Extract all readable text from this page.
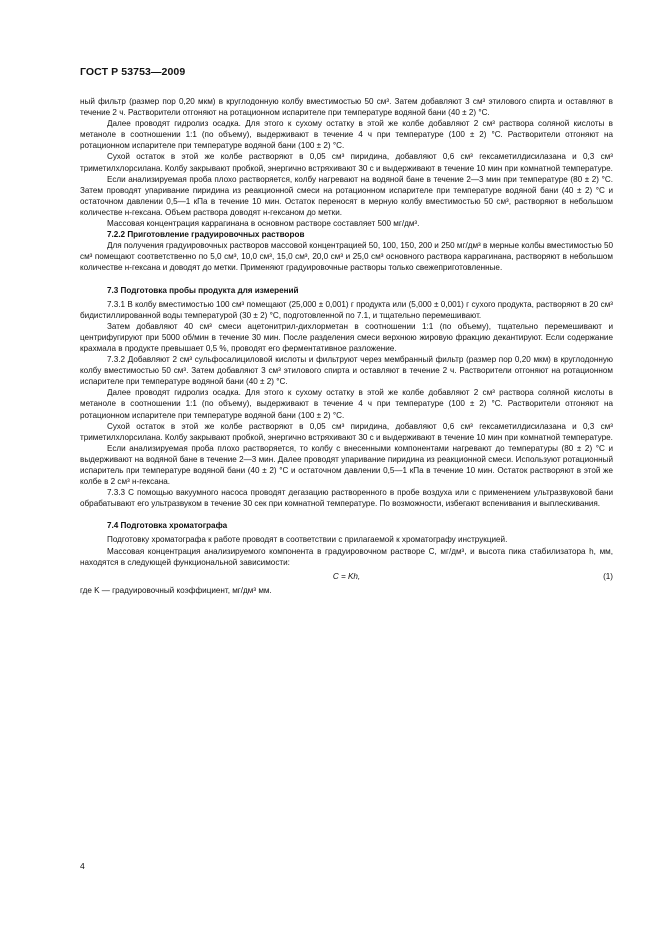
ГОСТ Р 53753—2009

ный фильтр (размер пор 0,20 мкм) в круглодонную колбу вместимостью 50 см³. Затем добавляют 3 см³ этилового спирта и оставляют в течение 2 ч. Растворители отгоняют на ротационном испарителе при температуре водяной бани (40 ± 2) °С.

Далее проводят гидролиз осадка. Для этого к сухому остатку в этой же колбе добавляют 2 см³ раствора соляной кислоты в метаноле в соотношении 1:1 (по объему), выдерживают в течение 4 ч при температуре (100 ± 2) °С. Растворители отгоняют на ротационном испарителе при температуре водяной бани (100 ± 2) °С.

Сухой остаток в этой же колбе растворяют в 0,05 см³ пиридина, добавляют 0,6 см³ гексаметилдисилазана и 0,3 см³ триметилхлорсилана. Колбу закрывают пробкой, энергично встряхивают 30 с и выдерживают в течение 10 мин при комнатной температуре.

Если анализируемая проба плохо растворяется, колбу нагревают на водяной бане в течение 2—3 мин при температуре (80 ± 2) °С. Затем проводят упаривание пиридина из реакционной смеси на ротационном испарителе при температуре водяной бани (40 ± 2) °С и остаточном давлении 0,5—1 кПа в течение 10 мин. Остаток переносят в мерную колбу вместимостью 50 см³, растворяют в небольшом количестве н-гексана. Объем раствора доводят н-гексаном до метки.

Массовая концентрация каррагинана в основном растворе составляет 500 мг/дм³.

7.2.2 Приготовление градуировочных растворов

Для получения градуировочных растворов массовой концентрацией 50, 100, 150, 200 и 250 мг/дм³ в мерные колбы вместимостью 50 см³ помещают соответственно по 5,0 см³, 10,0 см³, 15,0 см³, 20,0 см³ и 25,0 см³ основного раствора каррагинана, растворяют в небольшом количестве н-гексана и доводят до метки. Применяют градуировочные растворы только свежеприготовленные.

7.3 Подготовка пробы продукта для измерений

7.3.1 В колбу вместимостью 100 см³ помещают (25,000 ± 0,001) г продукта или (5,000 ± 0,001) г сухого продукта, растворяют в 20 см³ бидистиллированной воды температурой (30 ± 2) °С, подготовленной по 7.1, и тщательно перемешивают.

Затем добавляют 40 см³ смеси ацетонитрил-дихлорметан в соотношении 1:1 (по объему), тщательно перемешивают и центрифугируют при 5000 об/мин в течение 30 мин. После разделения смеси верхнюю жировую фракцию декантируют. Если содержание крахмала в продукте превышает 0,5 %, проводят его ферментативное разложение.

7.3.2 Добавляют 2 см³ сульфосалициловой кислоты и фильтруют через мембранный фильтр (размер пор 0,20 мкм) в круглодонную колбу вместимостью 50 см³. Затем добавляют 3 см³ этилового спирта и оставляют в течение 2 ч. Растворители отгоняют на ротационном испарителе при температуре водяной бани (40 ± 2) °С.

Далее проводят гидролиз осадка. Для этого к сухому остатку в этой же колбе добавляют 2 см³ раствора соляной кислоты в метаноле в соотношении 1:1 (по объему), выдерживают в течение 4 ч при температуре (100 ± 2) °С. Растворители отгоняют на ротационном испарителе при температуре водяной бани (100 ± 2) °С.

Сухой остаток в этой же колбе растворяют в 0,05 см³ пиридина, добавляют 0,6 см³ гексаметилдисилазана и 0,3 см³ триметилхлорсилана. Колбу закрывают пробкой, энергично встряхивают 30 с и выдерживают в течение 10 мин при комнатной температуре.

Если анализируемая проба плохо растворяется, то колбу с внесенными компонентами нагревают до температуры (80 ± 2) °С и выдерживают на водяной бане в течение 2—3 мин. Далее проводят упаривание пиридина из реакционной смеси. Используют ротационный испаритель при температуре водяной бани (40 ± 2) °С и остаточном давлении 0,5—1 кПа в течение 10 мин. Остаток растворяют в этой же колбе в 2 см³ н-гексана.

7.3.3 С помощью вакуумного насоса проводят дегазацию растворенного в пробе воздуха или с применением ультразвуковой бани обрабатывают его ультразвуком в течение 30 сек при комнатной температуре. По возможности, избегают вспенивания и выплескивания.

7.4 Подготовка хроматографа

Подготовку хроматографа к работе проводят в соответствии с прилагаемой к хроматографу инструкцией.

Массовая концентрация анализируемого компонента в градуировочном растворе С, мг/дм³, и высота пика стабилизатора h, мм, находятся в следующей функциональной зависимости:

C = Kh,	(1)

где K — градуировочный коэффициент, мг/дм³ мм.

4
